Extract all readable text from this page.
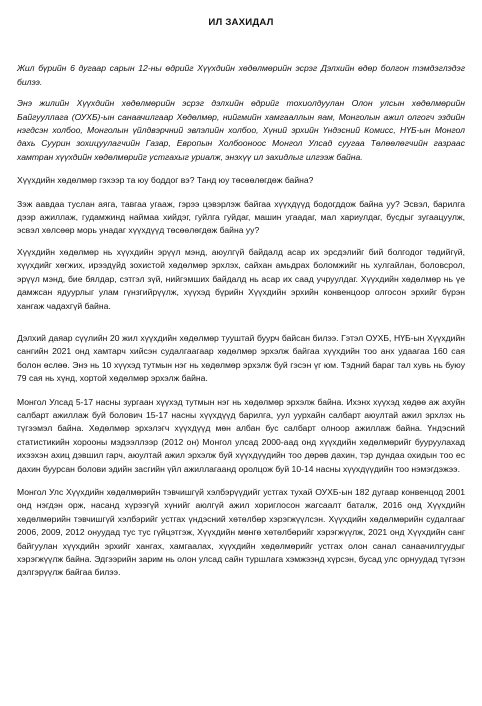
ИЛ ЗАХИДАЛ

Жил бүрийн 6 дугаар сарын 12-ны өдрийг Хүүхдийн хөдөлмөрийн эсрэг Дэлхийн өдөр болгон тэмдэглэдэг билээ.

Энэ жилийн Хүүхдийн хөдөлмөрийн эсрэг дэлхийн өдрийг тохиолдуулан Олон улсын хөдөлмөрийн Байгууллага (ОУХБ)-ын санаачилгаар Хөдөлмөр, нийгмийн хамгааллын яам, Монголын ажил олгогч эздийн нэгдсэн холбоо, Монголын үйлдвэрчний эвлэлийн холбоо, Хүний эрхийн Үндэсний Комисс, НҮБ-ын Монгол дахь Суурин зохицуулагчийн Газар, Европын Холбооноос Монгол Улсад суугаа Төлөөлөгчийн газраас хамтран хүүхдийн хөдөлмөрийг устгахыг уриалж, энэхүү ил захидлыг илгээж байна.

Хүүхдийн хөдөлмөр гэхээр та юу боддог вэ? Танд юу төсөөлөгдөж байна?

Зэж аавдаа туслан аяга, тавгаа угааж, гэрээ цэвэрлэж байгаа хүүхдүүд бодогддож байна уу? Эсвэл, барилга дээр ажиллаж, гудамжинд наймаа хийдэг, гуйлга гуйдаг, машин угаадаг, мал хариулдаг, бусдыг зугаацуулж, эсвэл хөлсөөр морь унадаг хүүхдүүд төсөөлөгдөж байна уу?

Хүүхдийн хөдөлмөр нь хүүхдийн эрүүл мэнд, аюулгүй байдалд асар их эрсдэлийг бий болгодог төдийгүй, хүүхдийг хөгжих, ирээдүйд зохистой хөдөлмөр эрхлэх, сайхан амьдрах боломжийг нь хулгайлан, боловсрол, эрүүл мэнд, бие бялдар, сэтгэл зүй, нийгэмших байдалд нь асар их саад учруулдаг. Хүүхдийн хөдөлмөр нь үе дамжсан ядуурлыг улам гүнзгийрүүлж, хүүхэд бүрийн Хүүхдийн эрхийн конвенцоор олгосон эрхийг бүрэн хангаж чадахгүй байна.

Дэлхий даяар сүүлийн 20 жил хүүхдийн хөдөлмөр тууштай буурч байсан билээ. Гэтэл ОУХБ, НҮБ-ын Хүүхдийн сангийн 2021 онд хамтарч хийсэн судалгаагаар хөдөлмөр эрхэлж байгаа хүүхдийн тоо анх удаагаа 160 сая болон өслөө. Энэ нь 10 хүүхэд тутмын нэг нь хөдөлмөр эрхэлж буй гэсэн үг юм. Тэдний бараг тал хувь нь буюу 79 сая нь хүнд, хортой хөдөлмөр эрхэлж байна.

Монгол Улсад 5-17 насны зургаан хүүхэд тутмын нэг нь хөдөлмөр эрхэлж байна. Ихэнх хүүхэд хөдөө аж ахуйн салбарт ажиллаж буй болович 15-17 насны хүүхдүүд барилга, уул уурхайн салбарт аюултай ажил эрхлэх нь түгээмэл байна. Хөдөлмөр эрхэлэгч хүүхдүүд мөн албан бус салбарт олноор ажиллаж байна. Үндэсний статистикийн хорооны мэдээллээр (2012 он) Монгол улсад 2000-аад онд хүүхдийн хөдөлмөрийг бууруулахад ихээхэн ахиц дэвшил гарч, аюултай ажил эрхэлж буй хүүхдүүдийн тоо дөрөв дахин, тэр дундаа охидын тоо ес дахин буурсан болови эдийн засгийн үйл ажиллагаанд оролцож буй 10-14 насны хүүхдүүдийн тоо нэмэгдэжээ.

Монгол Улс Хүүхдийн хөдөлмөрийн тэвчишгүй хэлбэрүүдийг устгах тухай ОУХБ-ын 182 дугаар конвенцод 2001 онд нэгдэн орж, насанд хүрээгүй хүнийг аюлгүй ажил хориглосон жагсаалт баталж, 2016 онд Хүүхдийн хөдөлмөрийн тэвчишгүй хэлбэрийг устгах үндэсний хөтөлбөр хэрэгжүүлсэн. Хүүхдийн хөдөлмөрийн судалгааг 2006, 2009, 2012 онуудад тус тус гүйцэтгэж, Хүүхдийн мөнгө хөтөлбөрийг хэрэгжүүлж, 2021 онд Хүүхдийн санг байгуулан хүүхдийн эрхийг хангах, хамгаалах, хүүхдийн хөдөлмөрийг устгах олон санал санаачилгуудыг хэрэгжүүлж байна. Эдгээрийн зарим нь олон улсад сайн туршлага хэмжээнд хүрсэн, бусад улс орнуудад түгээн дэлгэрүүлж байгаа билээ.
